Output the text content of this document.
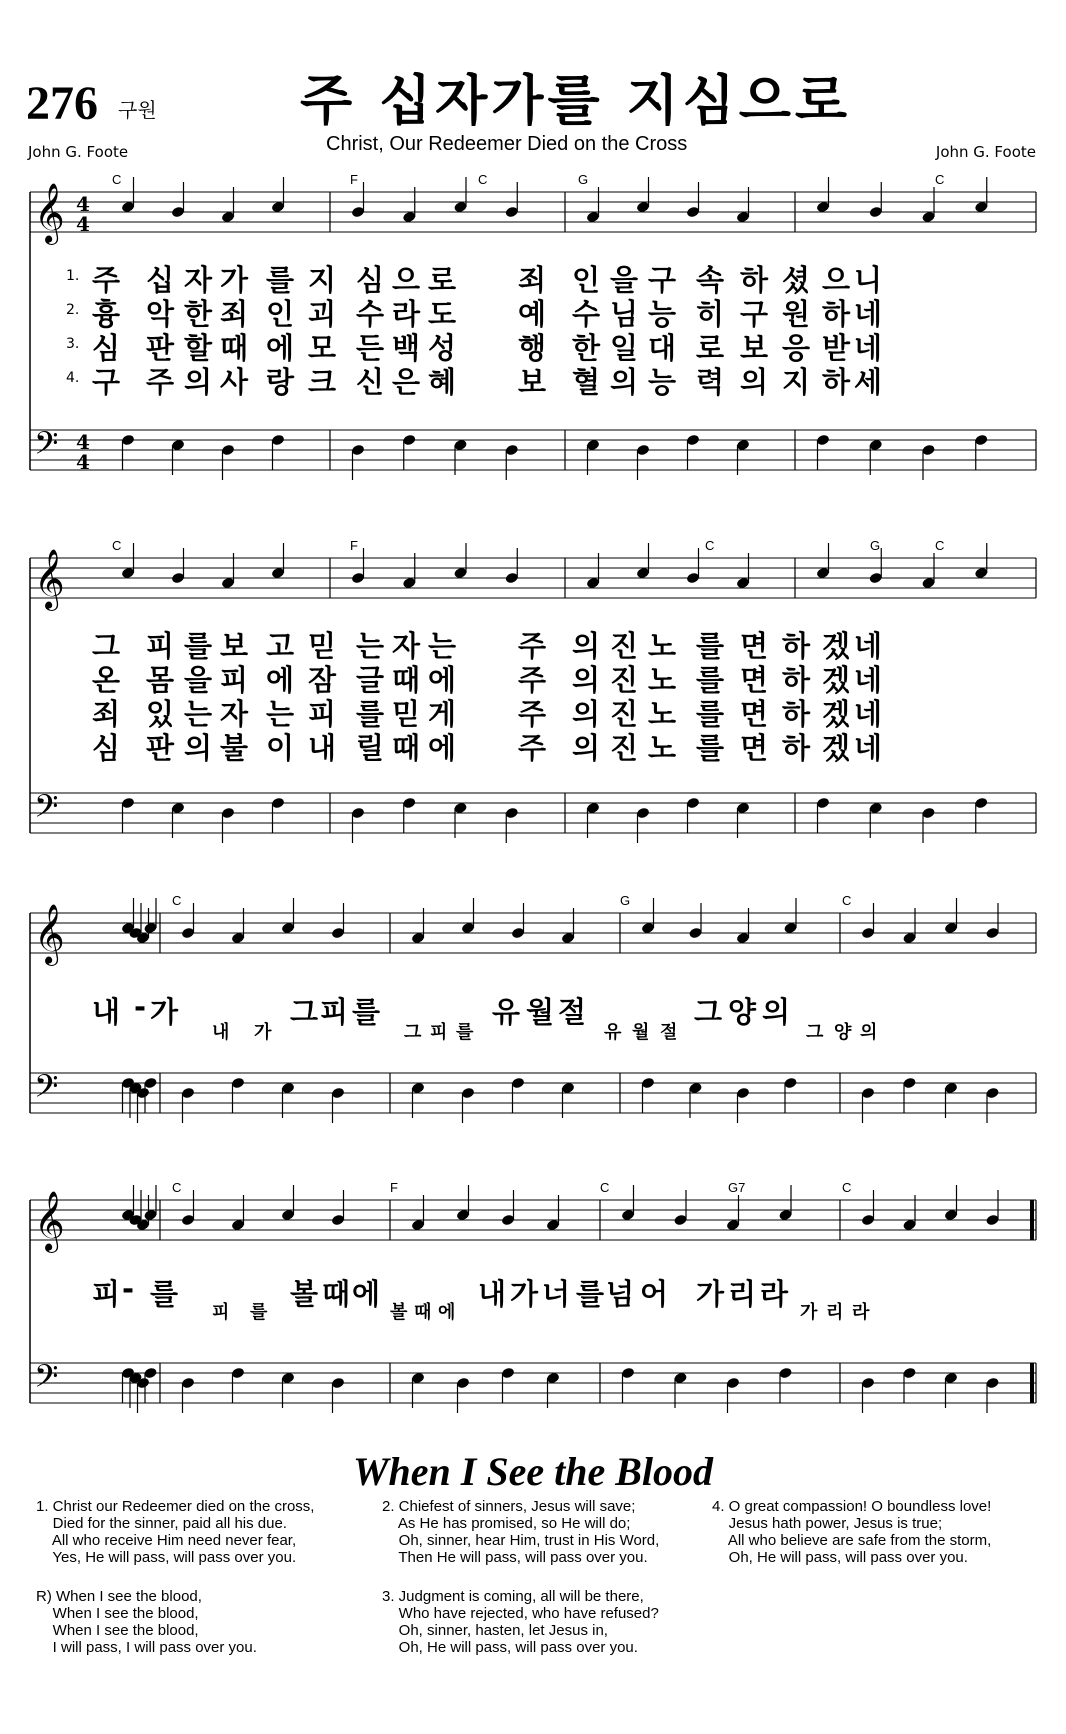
276 구원	주 십자가를 지심으로
Christ, Our Redeemer Died on the Cross
John G. Foote	John G. Foote
𝄞
𝄢
4
4
4
4
C	F	C	G	C
𝄞
𝄢
C	F	C	G	C
𝄞
𝄢
C	G	C
𝄞
𝄢
C	F	C	G7	C
1.
2.
3.
4.
주 십 자 가 를 지 심 으 로 죄 인 을 구 속 하 셨 으 니
흉 악 한 죄 인 괴 수 라 도 예 수 님 능 히 구 원 하 네
심 판 할 때 에 모 든 백 성 행 한 일 대 로 보 응 받 네
구 주 의 사 랑 크 신 은 혜 보 혈 의 능 력 의 지 하 세
그 피 를 보 고 믿 는 자 는 주 의 진 노 를 면 하 겠 네
온 몸 을 피 에 잠 글 때 에 주 의 진 노 를 면 하 겠 네
죄 있 는 자 는 피 를 믿 게 주 의 진 노 를 면 하 겠 네
심 판 의 불 이 내 릴 때 에 주 의 진 노 를 면 하 겠 네
내 - 가	그 피 를	유 월 절	그 양 의
내 가	그 피 를	유 월 절	그 양 의
피 - 를	볼 때 에	내 가 너 를 넘 어 가 리 라
피 를	볼 때 에	가 리 라
When I See the Blood
1. Christ our Redeemer died on the cross,
Died for the sinner, paid all his due.
All who receive Him need never fear,
Yes, He will pass, will pass over you.
R) When I see the blood,
When I see the blood,
When I see the blood,
I will pass, I will pass over you.
2. Chiefest of sinners, Jesus will save;
As He has promised, so He will do;
Oh, sinner, hear Him, trust in His Word,
Then He will pass, will pass over you.
3. Judgment is coming, all will be there,
Who have rejected, who have refused?
Oh, sinner, hasten, let Jesus in,
Oh, He will pass, will pass over you.
4. O great compassion! O boundless love!
Jesus hath power, Jesus is true;
All who believe are safe from the storm,
Oh, He will pass, will pass over you.
